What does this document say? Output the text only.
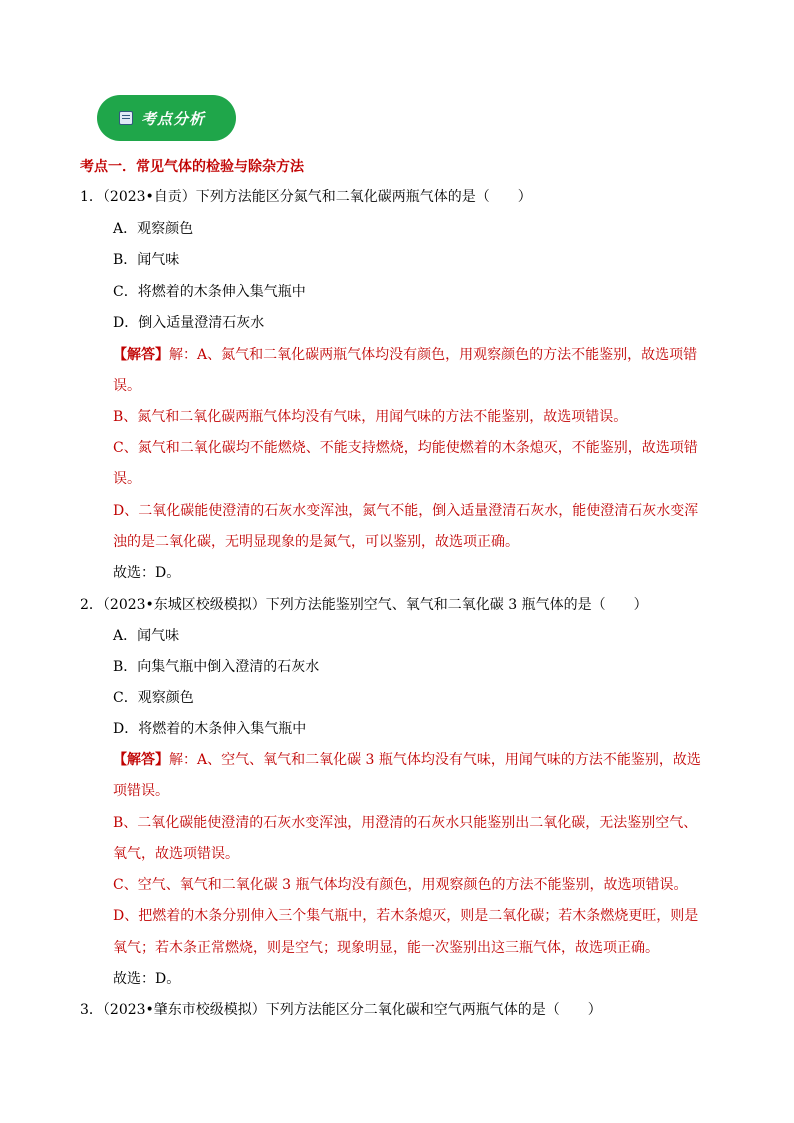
考点分析
考点一．常见气体的检验与除杂方法
1．（2023•自贡）下列方法能区分氮气和二氧化碳两瓶气体的是（　　）
A．观察颜色
B．闻气味
C．将燃着的木条伸入集气瓶中
D．倒入适量澄清石灰水
【解答】解：A、氮气和二氧化碳两瓶气体均没有颜色，用观察颜色的方法不能鉴别，故选项错
误。
B、氮气和二氧化碳两瓶气体均没有气味，用闻气味的方法不能鉴别，故选项错误。
C、氮气和二氧化碳均不能燃烧、不能支持燃烧，均能使燃着的木条熄灭，不能鉴别，故选项错
误。
D、二氧化碳能使澄清的石灰水变浑浊，氮气不能，倒入适量澄清石灰水，能使澄清石灰水变浑
浊的是二氧化碳，无明显现象的是氮气，可以鉴别，故选项正确。
故选：D。
2．（2023•东城区校级模拟）下列方法能鉴别空气、氧气和二氧化碳 3 瓶气体的是（　　）
A．闻气味
B．向集气瓶中倒入澄清的石灰水
C．观察颜色
D．将燃着的木条伸入集气瓶中
【解答】解：A、空气、氧气和二氧化碳 3 瓶气体均没有气味，用闻气味的方法不能鉴别，故选
项错误。
B、二氧化碳能使澄清的石灰水变浑浊，用澄清的石灰水只能鉴别出二氧化碳，无法鉴别空气、
氧气，故选项错误。
C、空气、氧气和二氧化碳 3 瓶气体均没有颜色，用观察颜色的方法不能鉴别，故选项错误。
D、把燃着的木条分别伸入三个集气瓶中，若木条熄灭，则是二氧化碳；若木条燃烧更旺，则是
氧气；若木条正常燃烧，则是空气；现象明显，能一次鉴别出这三瓶气体，故选项正确。
故选：D。
3．（2023•肇东市校级模拟）下列方法能区分二氧化碳和空气两瓶气体的是（　　）
